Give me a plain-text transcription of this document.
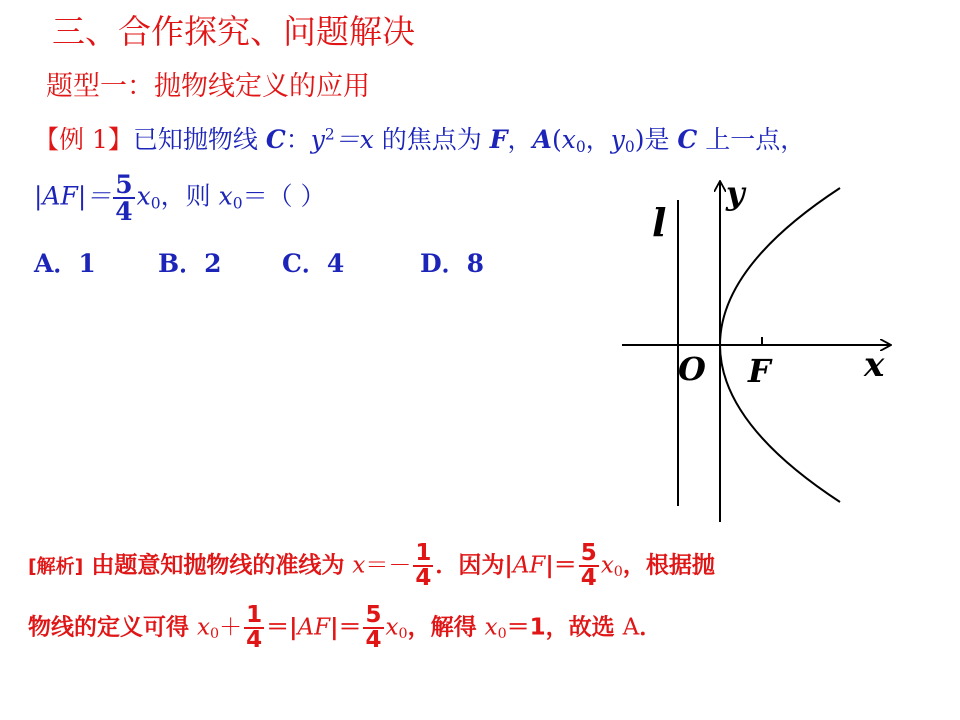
三、合作探究、问题解决
题型一：抛物线定义的应用
【例 1】已知抛物线 C：$y^2=x$ 的焦点为 F，$A(x_0$，$y_0$)是 C 上一点，
$|AF|= \frac{5}{4} x_0$，则 $x_0=$（ ）
A．1 B．2 C．4	D．8
l
y
O F	x
[解析] 由题意知抛物线的准线为 $x=- \frac{1}{4}$ ．因为$|AF|= \frac{5}{4} x_0$，根据抛
物线的定义可得 $x_0+ \frac{1}{4} =|AF|= \frac{5}{4} x_0$，解得 $x_0=1$，故选 A．
